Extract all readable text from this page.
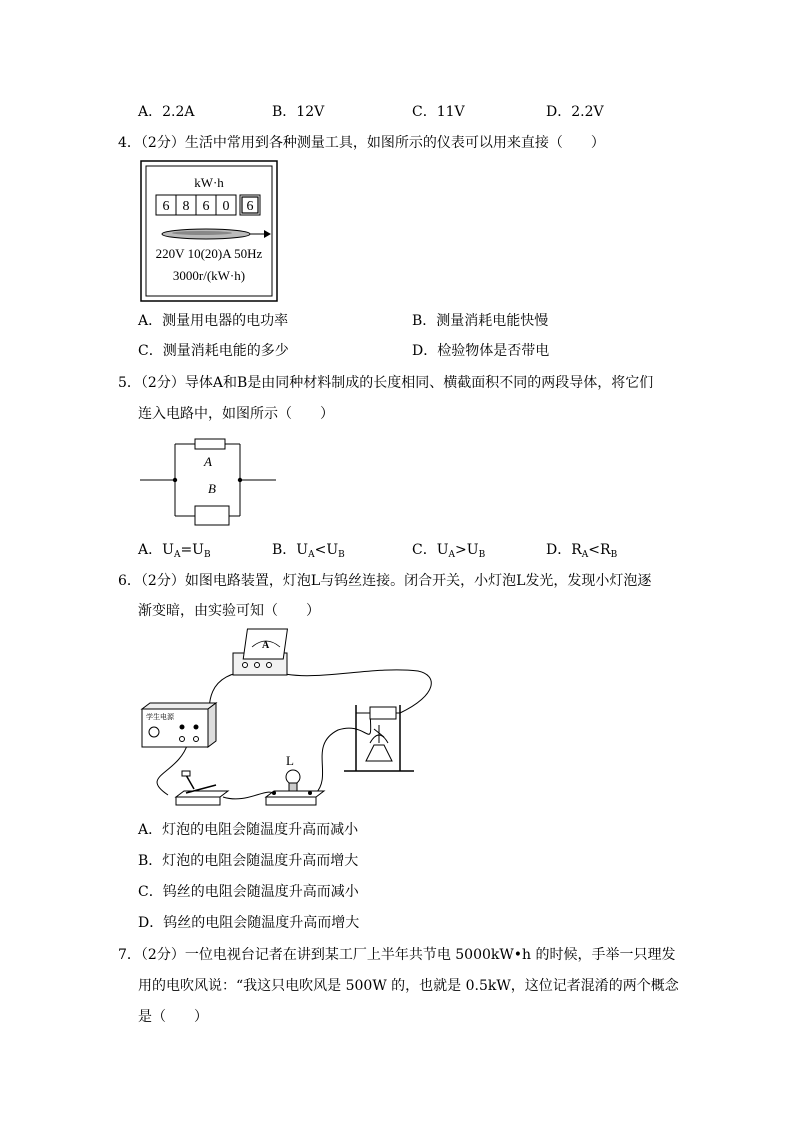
A．2.2A	B．12V	C．11V	D．2.2V
4．（2分）生活中常用到各种测量工具，如图所示的仪表可以用来直接（　　）
kW·h
6 8 6 0 6
220V 10(20)A 50Hz
3000r/(kW·h)
A．测量用电器的电功率	B．测量消耗电能快慢
C．测量消耗电能的多少	D．检验物体是否带电
5．（2分）导体A和B是由同种材料制成的长度相同、横截面积不同的两段导体，将它们
连入电路中，如图所示（　　）
A
B
A．$U_A=U_B$	B．$U_A<U_B$	C．$U_A>U_B$	D．$R_A<R_B$
6．（2分）如图电路装置，灯泡L与钨丝连接。闭合开关，小灯泡L发光，发现小灯泡逐
渐变暗，由实验可知（　　）
A
学生电源
L
A．灯泡的电阻会随温度升高而减小
B．灯泡的电阻会随温度升高而增大
C．钨丝的电阻会随温度升高而减小
D．钨丝的电阻会随温度升高而增大
7．（2分）一位电视台记者在讲到某工厂上半年共节电 5000kW•h 的时候，手举一只理发
用的电吹风说：“我这只电吹风是 500W 的，也就是 0.5kW，这位记者混淆的两个概念
是（　　）
